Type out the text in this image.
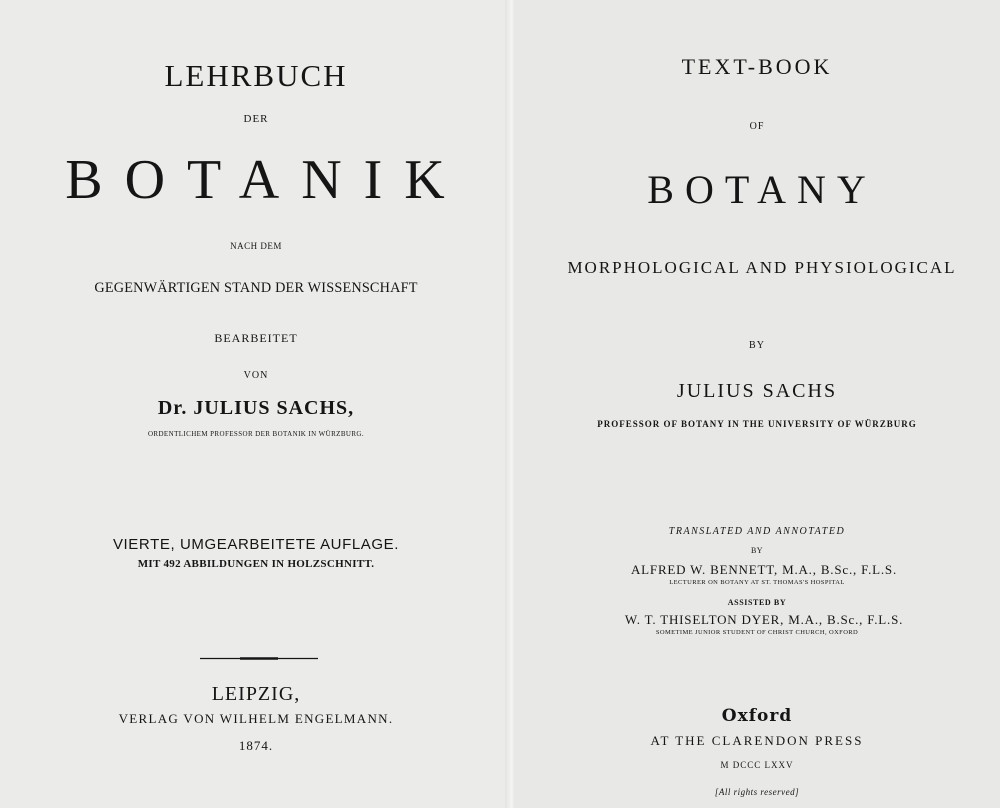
LEHRBUCH
DER
BOTANIK
NACH DEM
GEGENWÄRTIGEN STAND DER WISSENSCHAFT
BEARBEITET
VON
Dr. JULIUS SACHS,
ORDENTLICHEM PROFESSOR DER BOTANIK IN WÜRZBURG.
VIERTE, UMGEARBEITETE AUFLAGE.
MIT 492 ABBILDUNGEN IN HOLZSCHNITT.
LEIPZIG,
VERLAG VON WILHELM ENGELMANN.
1874.
TEXT-BOOK
OF
BOTANY
MORPHOLOGICAL AND PHYSIOLOGICAL
BY
JULIUS SACHS
PROFESSOR OF BOTANY IN THE UNIVERSITY OF WÜRZBURG
TRANSLATED AND ANNOTATED
BY
ALFRED W. BENNETT, M.A., B.Sc., F.L.S.
LECTURER ON BOTANY AT ST. THOMAS'S HOSPITAL
ASSISTED BY
W. T. THISELTON DYER, M.A., B.Sc., F.L.S.
SOMETIME JUNIOR STUDENT OF CHRIST CHURCH, OXFORD
Oxford
AT THE CLARENDON PRESS
M DCCC LXXV
[All rights reserved]
